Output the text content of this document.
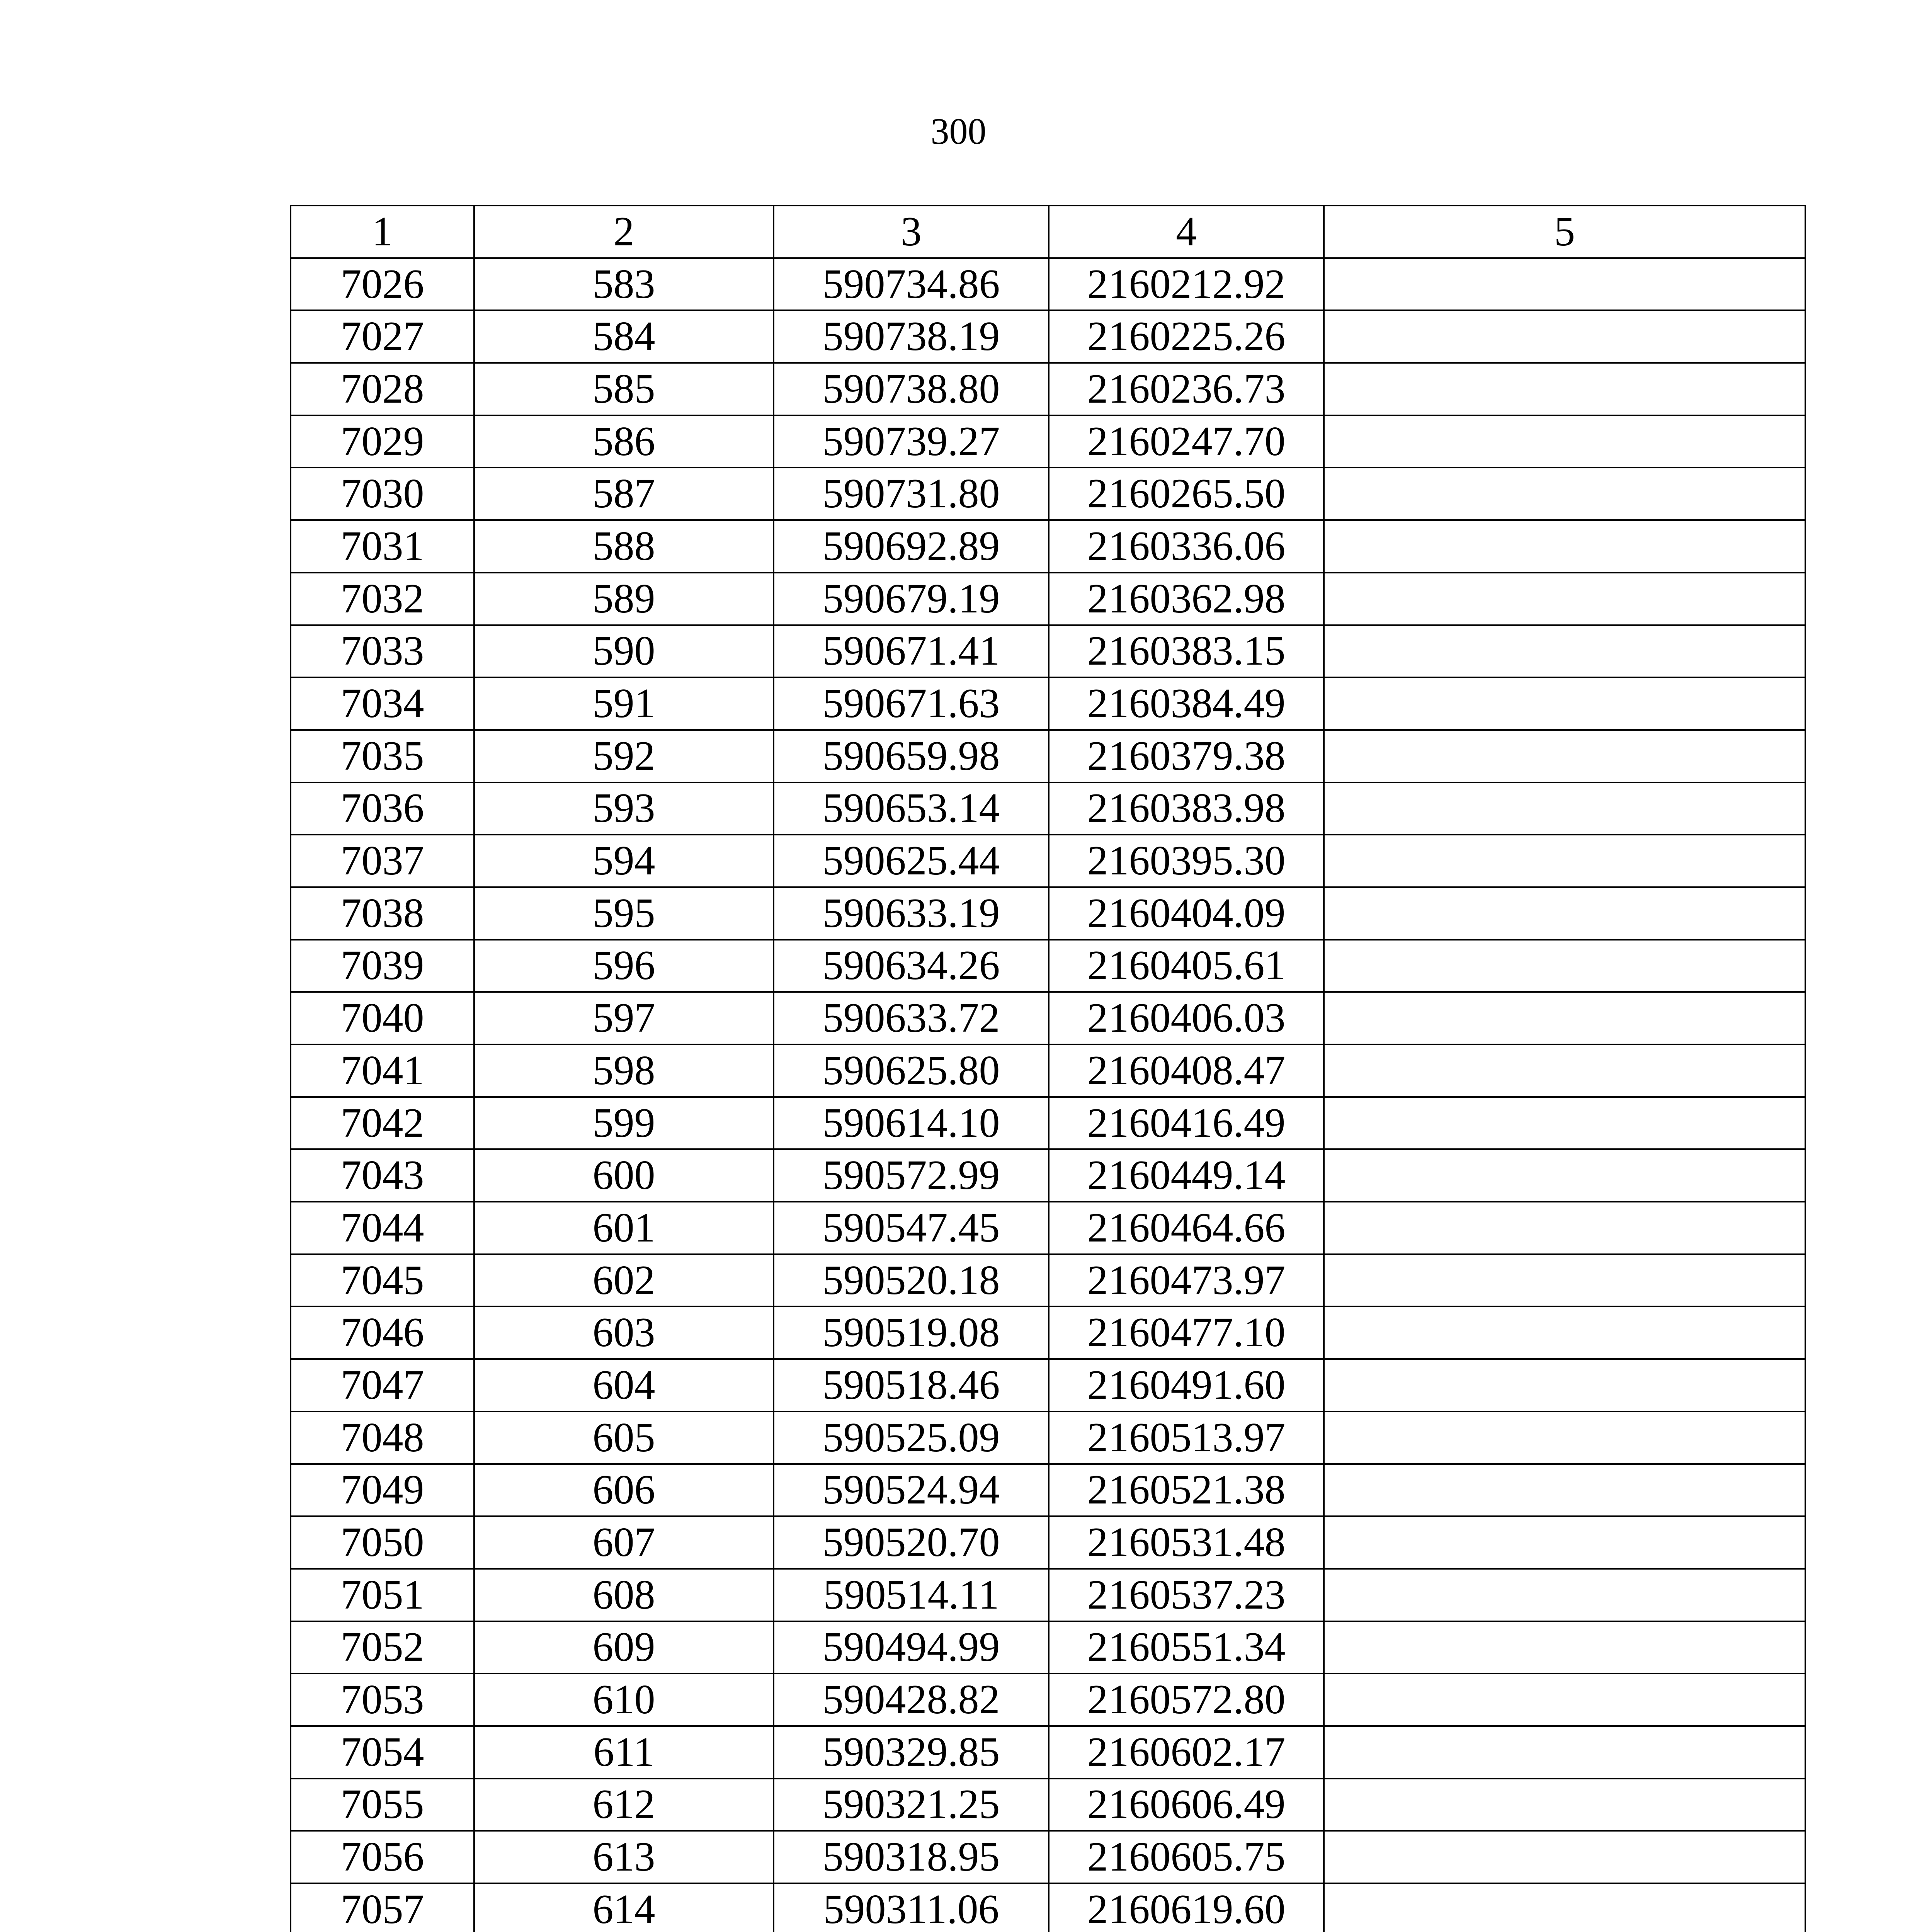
300
1	2	3	4	5
7026	583	590734.86	2160212.92	
7027	584	590738.19	2160225.26	
7028	585	590738.80	2160236.73	
7029	586	590739.27	2160247.70	
7030	587	590731.80	2160265.50	
7031	588	590692.89	2160336.06	
7032	589	590679.19	2160362.98	
7033	590	590671.41	2160383.15	
7034	591	590671.63	2160384.49	
7035	592	590659.98	2160379.38	
7036	593	590653.14	2160383.98	
7037	594	590625.44	2160395.30	
7038	595	590633.19	2160404.09	
7039	596	590634.26	2160405.61	
7040	597	590633.72	2160406.03	
7041	598	590625.80	2160408.47	
7042	599	590614.10	2160416.49	
7043	600	590572.99	2160449.14	
7044	601	590547.45	2160464.66	
7045	602	590520.18	2160473.97	
7046	603	590519.08	2160477.10	
7047	604	590518.46	2160491.60	
7048	605	590525.09	2160513.97	
7049	606	590524.94	2160521.38	
7050	607	590520.70	2160531.48	
7051	608	590514.11	2160537.23	
7052	609	590494.99	2160551.34	
7053	610	590428.82	2160572.80	
7054	611	590329.85	2160602.17	
7055	612	590321.25	2160606.49	
7056	613	590318.95	2160605.75	
7057	614	590311.06	2160619.60	
